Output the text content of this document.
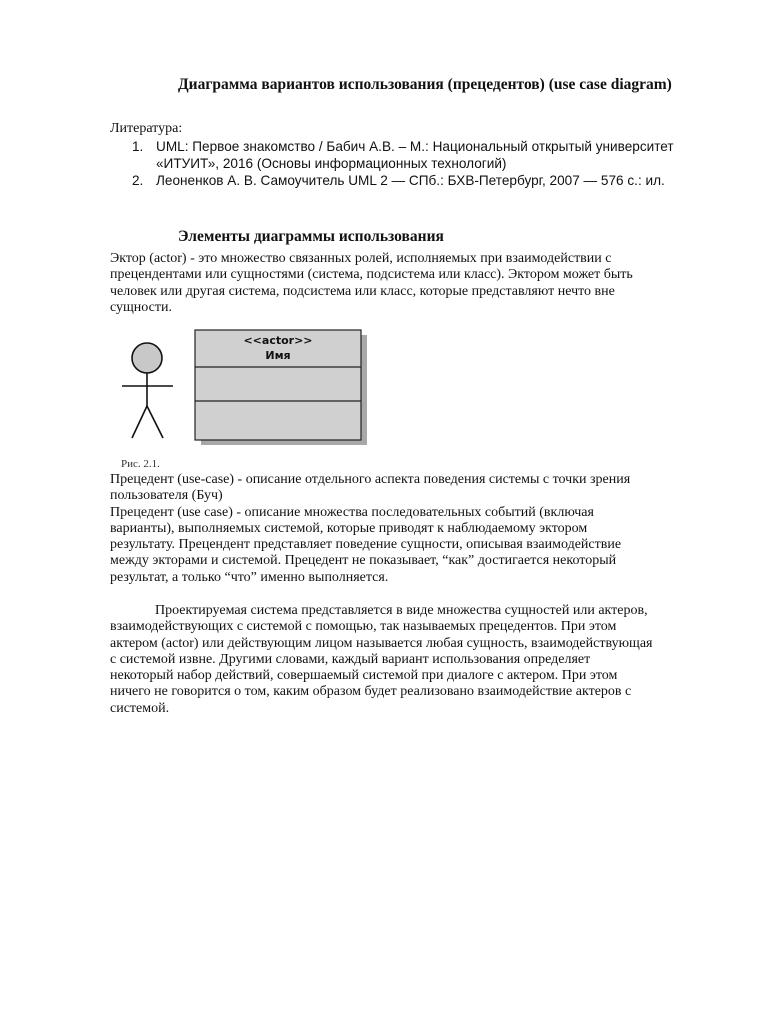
Диаграмма вариантов использования (прецедентов) (use case diagram)
Литература:
1. UML: Первое знакомство / Бабич А.В. – М.: Национальный открытый университет
«ИТУИТ», 2016 (Основы информационных технологий)
2. Леоненков А. В. Самоучитель UML 2 — СПб.: БХВ-Петербург, 2007 — 576 с.: ил.
Элементы диаграммы использования
Эктор (actor) - это множество связанных ролей, исполняемых при взаимодействии с
прецендентами или сущностями (система, подсистема или класс). Эктором может быть
человек или другая система, подсистема или класс, которые представляют нечто вне
сущности.
<<actor>>
Имя
Рис. 2.1.
Прецедент (use-case) - описание отдельного аспекта поведения системы с точки зрения
пользователя (Буч)
Прецедент (use case) - описание множества последовательных событий (включая
варианты), выполняемых системой, которые приводят к наблюдаемому эктором
результату. Прецендент представляет поведение сущности, описывая взаимодействие
между экторами и системой. Прецедент не показывает, “как” достигается некоторый
результат, а только “что” именно выполняется.
Проектируемая система представляется в виде множества сущностей или актеров,
взаимодействующих с системой с помощью, так называемых прецедентов. При этом
актером (actor) или действующим лицом называется любая сущность, взаимодействующая
с системой извне. Другими словами, каждый вариант использования определяет
некоторый набор действий, совершаемый системой при диалоге с актером. При этом
ничего не говорится о том, каким образом будет реализовано взаимодействие актеров с
системой.
